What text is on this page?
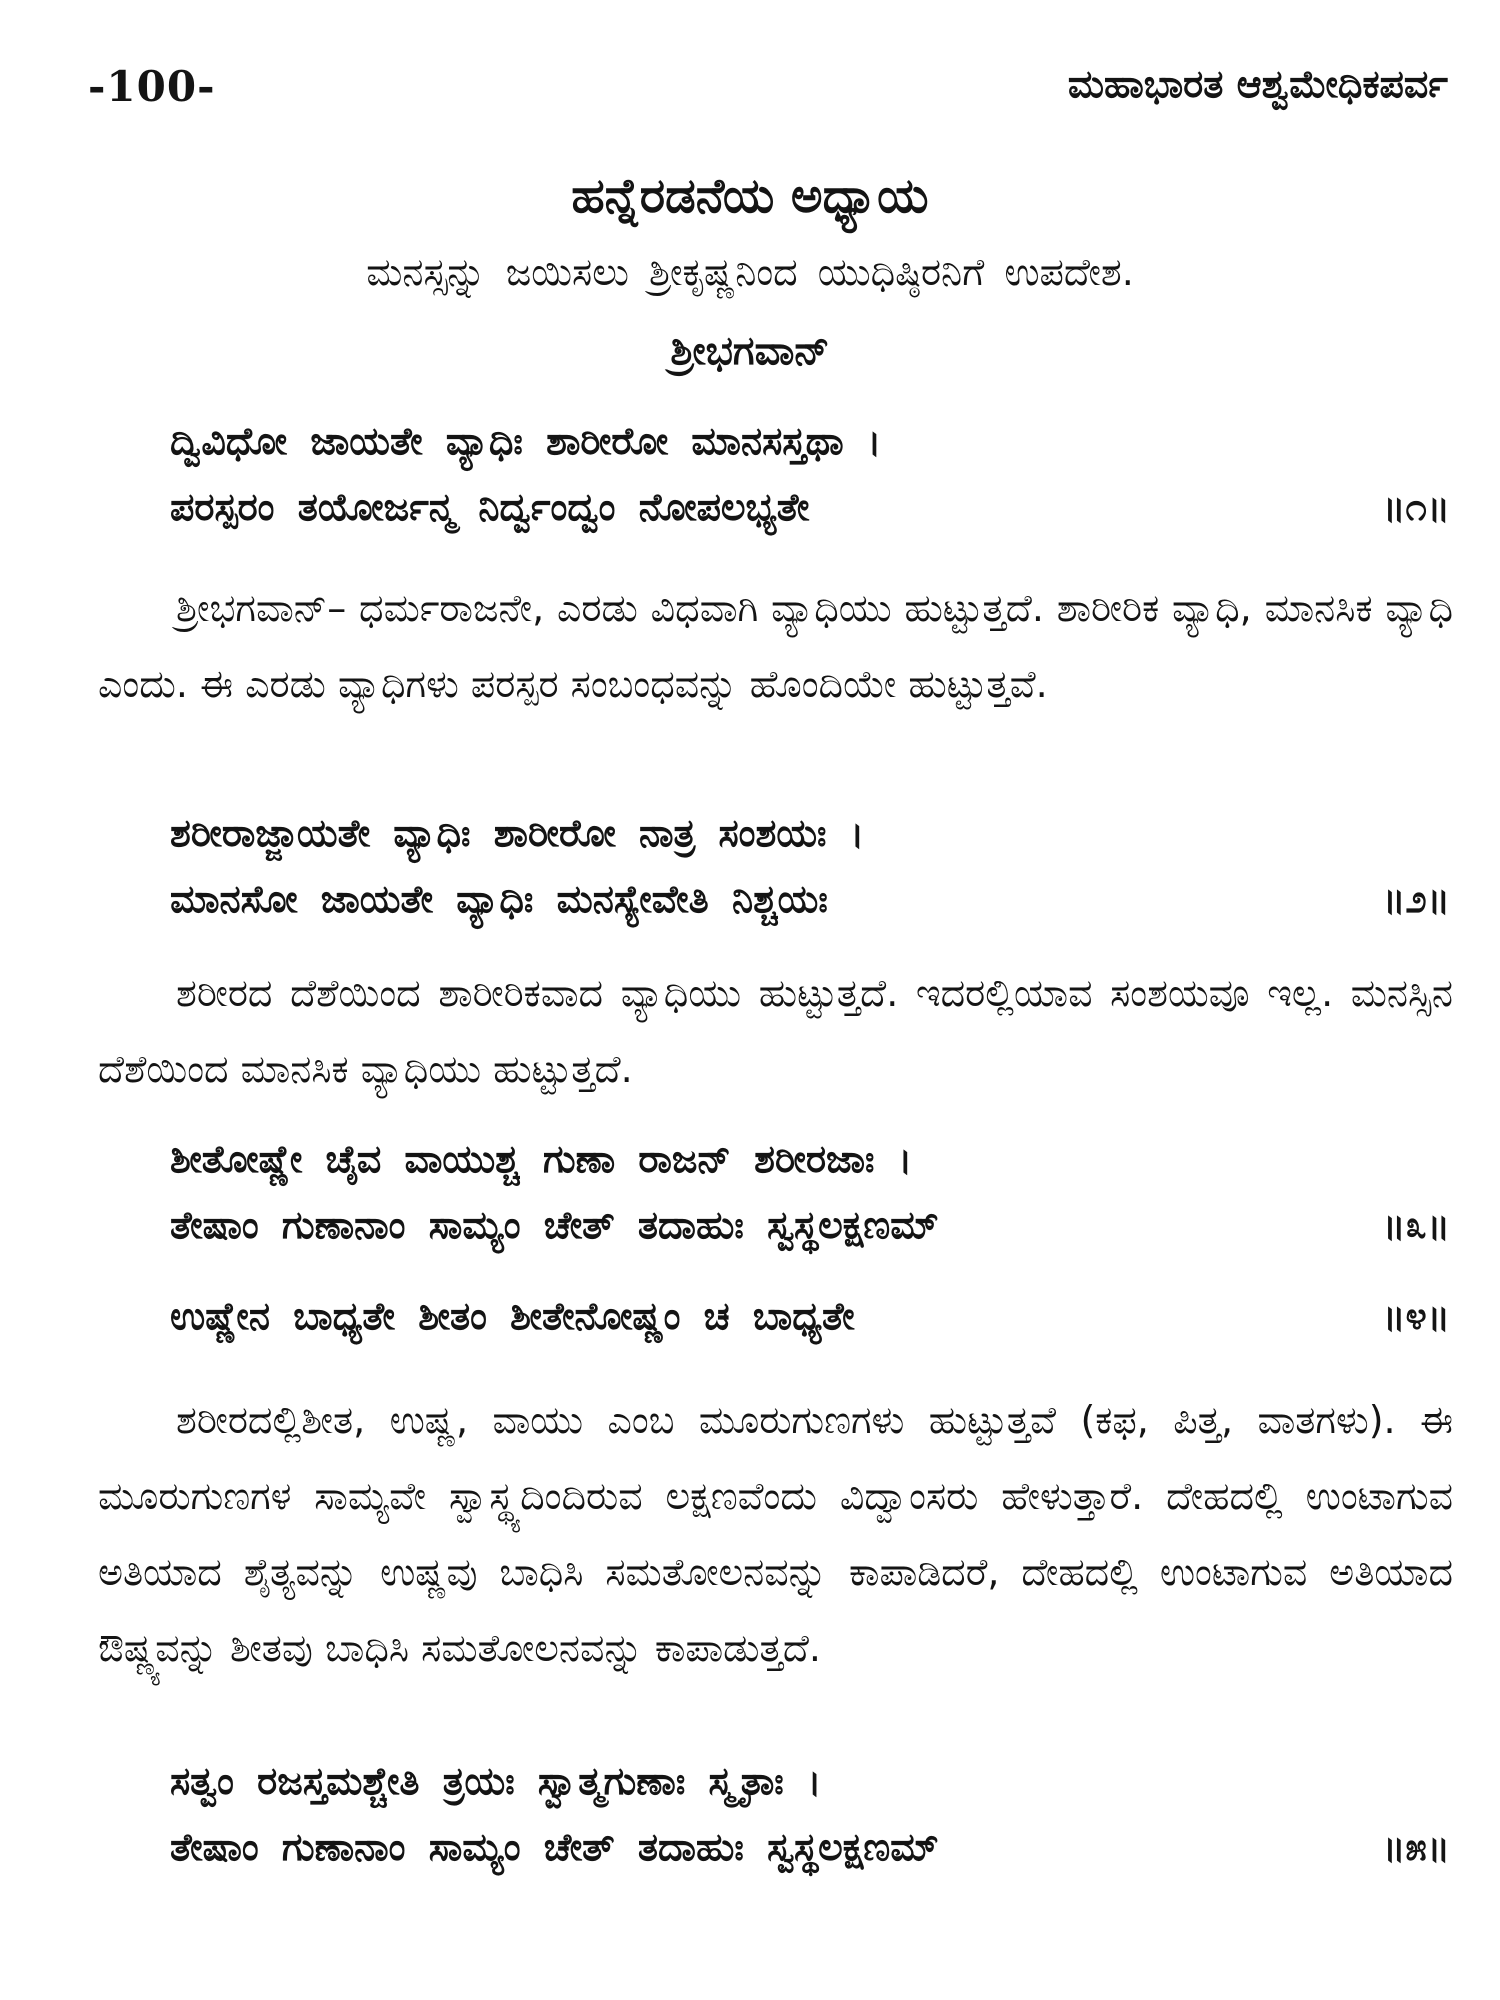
-100-	ಮಹಾಭಾರತ ಆಶ್ವಮೇಧಿಕಪರ್ವ
ಹನ್ನೆರಡನೆಯ ಅಧ್ಯಾಯ
ಮನಸ್ಸನ್ನು ಜಯಿಸಲು ಶ್ರೀಕೃಷ್ಣನಿಂದ ಯುಧಿಷ್ಠಿರನಿಗೆ ಉಪದೇಶ.
ಶ್ರೀಭಗವಾನ್
ದ್ವಿವಿಧೋ ಜಾಯತೇ ವ್ಯಾಧಿಃ ಶಾರೀರೋ ಮಾನಸಸ್ತಥಾ ।
ಪರಸ್ಪರಂ ತಯೋರ್ಜನ್ಮ ನಿರ್ದ್ವಂದ್ವಂ ನೋಪಲಭ್ಯತೇ	॥೧॥

ಶ್ರೀಭಗವಾನ್– ಧರ್ಮರಾಜನೇ, ಎರಡು ವಿಧವಾಗಿ ವ್ಯಾಧಿಯು ಹುಟ್ಟುತ್ತದೆ. ಶಾರೀರಿಕ ವ್ಯಾಧಿ, ಮಾನಸಿಕ ವ್ಯಾಧಿ ಎಂದು. ಈ ಎರಡು ವ್ಯಾಧಿಗಳು ಪರಸ್ಪರ ಸಂಬಂಧವನ್ನು ಹೊಂದಿಯೇ ಹುಟ್ಟುತ್ತವೆ.

ಶರೀರಾಜ್ಜಾಯತೇ ವ್ಯಾಧಿಃ ಶಾರೀರೋ ನಾತ್ರ ಸಂಶಯಃ ।
ಮಾನಸೋ ಜಾಯತೇ ವ್ಯಾಧಿಃ ಮನಸ್ಯೇವೇತಿ ನಿಶ್ಚಯಃ	॥೨॥

ಶರೀರದ ದೆಶೆಯಿಂದ ಶಾರೀರಿಕವಾದ ವ್ಯಾಧಿಯು ಹುಟ್ಟುತ್ತದೆ. ಇದರಲ್ಲಿಯಾವ ಸಂಶಯವೂ ಇಲ್ಲ. ಮನಸ್ಸಿನ ದೆಶೆಯಿಂದ ಮಾನಸಿಕ ವ್ಯಾಧಿಯು ಹುಟ್ಟುತ್ತದೆ.

ಶೀತೋಷ್ಣೇ ಚೈವ ವಾಯುಶ್ಚ ಗುಣಾ ರಾಜನ್ ಶರೀರಜಾಃ ।
ತೇಷಾಂ ಗುಣಾನಾಂ ಸಾಮ್ಯಂ ಚೇತ್ ತದಾಹುಃ ಸ್ವಸ್ಥಲಕ್ಷಣಮ್	॥೩॥
ಉಷ್ಣೇನ ಬಾಧ್ಯತೇ ಶೀತಂ ಶೀತೇನೋಷ್ಣಂ ಚ ಬಾಧ್ಯತೇ	॥೪॥

ಶರೀರದಲ್ಲಿಶೀತ, ಉಷ್ಣ, ವಾಯು ಎಂಬ ಮೂರುಗುಣಗಳು ಹುಟ್ಟುತ್ತವೆ (ಕಫ, ಪಿತ್ತ, ವಾತಗಳು). ಈ ಮೂರುಗುಣಗಳ ಸಾಮ್ಯವೇ ಸ್ವಾಸ್ಥ್ಯದಿಂದಿರುವ ಲಕ್ಷಣವೆಂದು ವಿದ್ವಾಂಸರು ಹೇಳುತ್ತಾರೆ. ದೇಹದಲ್ಲಿ ಉಂಟಾಗುವ ಅತಿಯಾದ ಶೈತ್ಯವನ್ನು ಉಷ್ಣವು ಬಾಧಿಸಿ ಸಮತೋಲನವನ್ನು ಕಾಪಾಡಿದರೆ, ದೇಹದಲ್ಲಿ ಉಂಟಾಗುವ ಅತಿಯಾದ ಔಷ್ಣ್ಯವನ್ನು ಶೀತವು ಬಾಧಿಸಿ ಸಮತೋಲನವನ್ನು ಕಾಪಾಡುತ್ತದೆ.

ಸತ್ವಂ ರಜಸ್ತಮಶ್ಚೇತಿ ತ್ರಯಃ ಸ್ವಾತ್ಮಗುಣಾಃ ಸ್ಮೃತಾಃ ।
ತೇಷಾಂ ಗುಣಾನಾಂ ಸಾಮ್ಯಂ ಚೇತ್ ತದಾಹುಃ ಸ್ವಸ್ಥಲಕ್ಷಣಮ್	॥೫॥
